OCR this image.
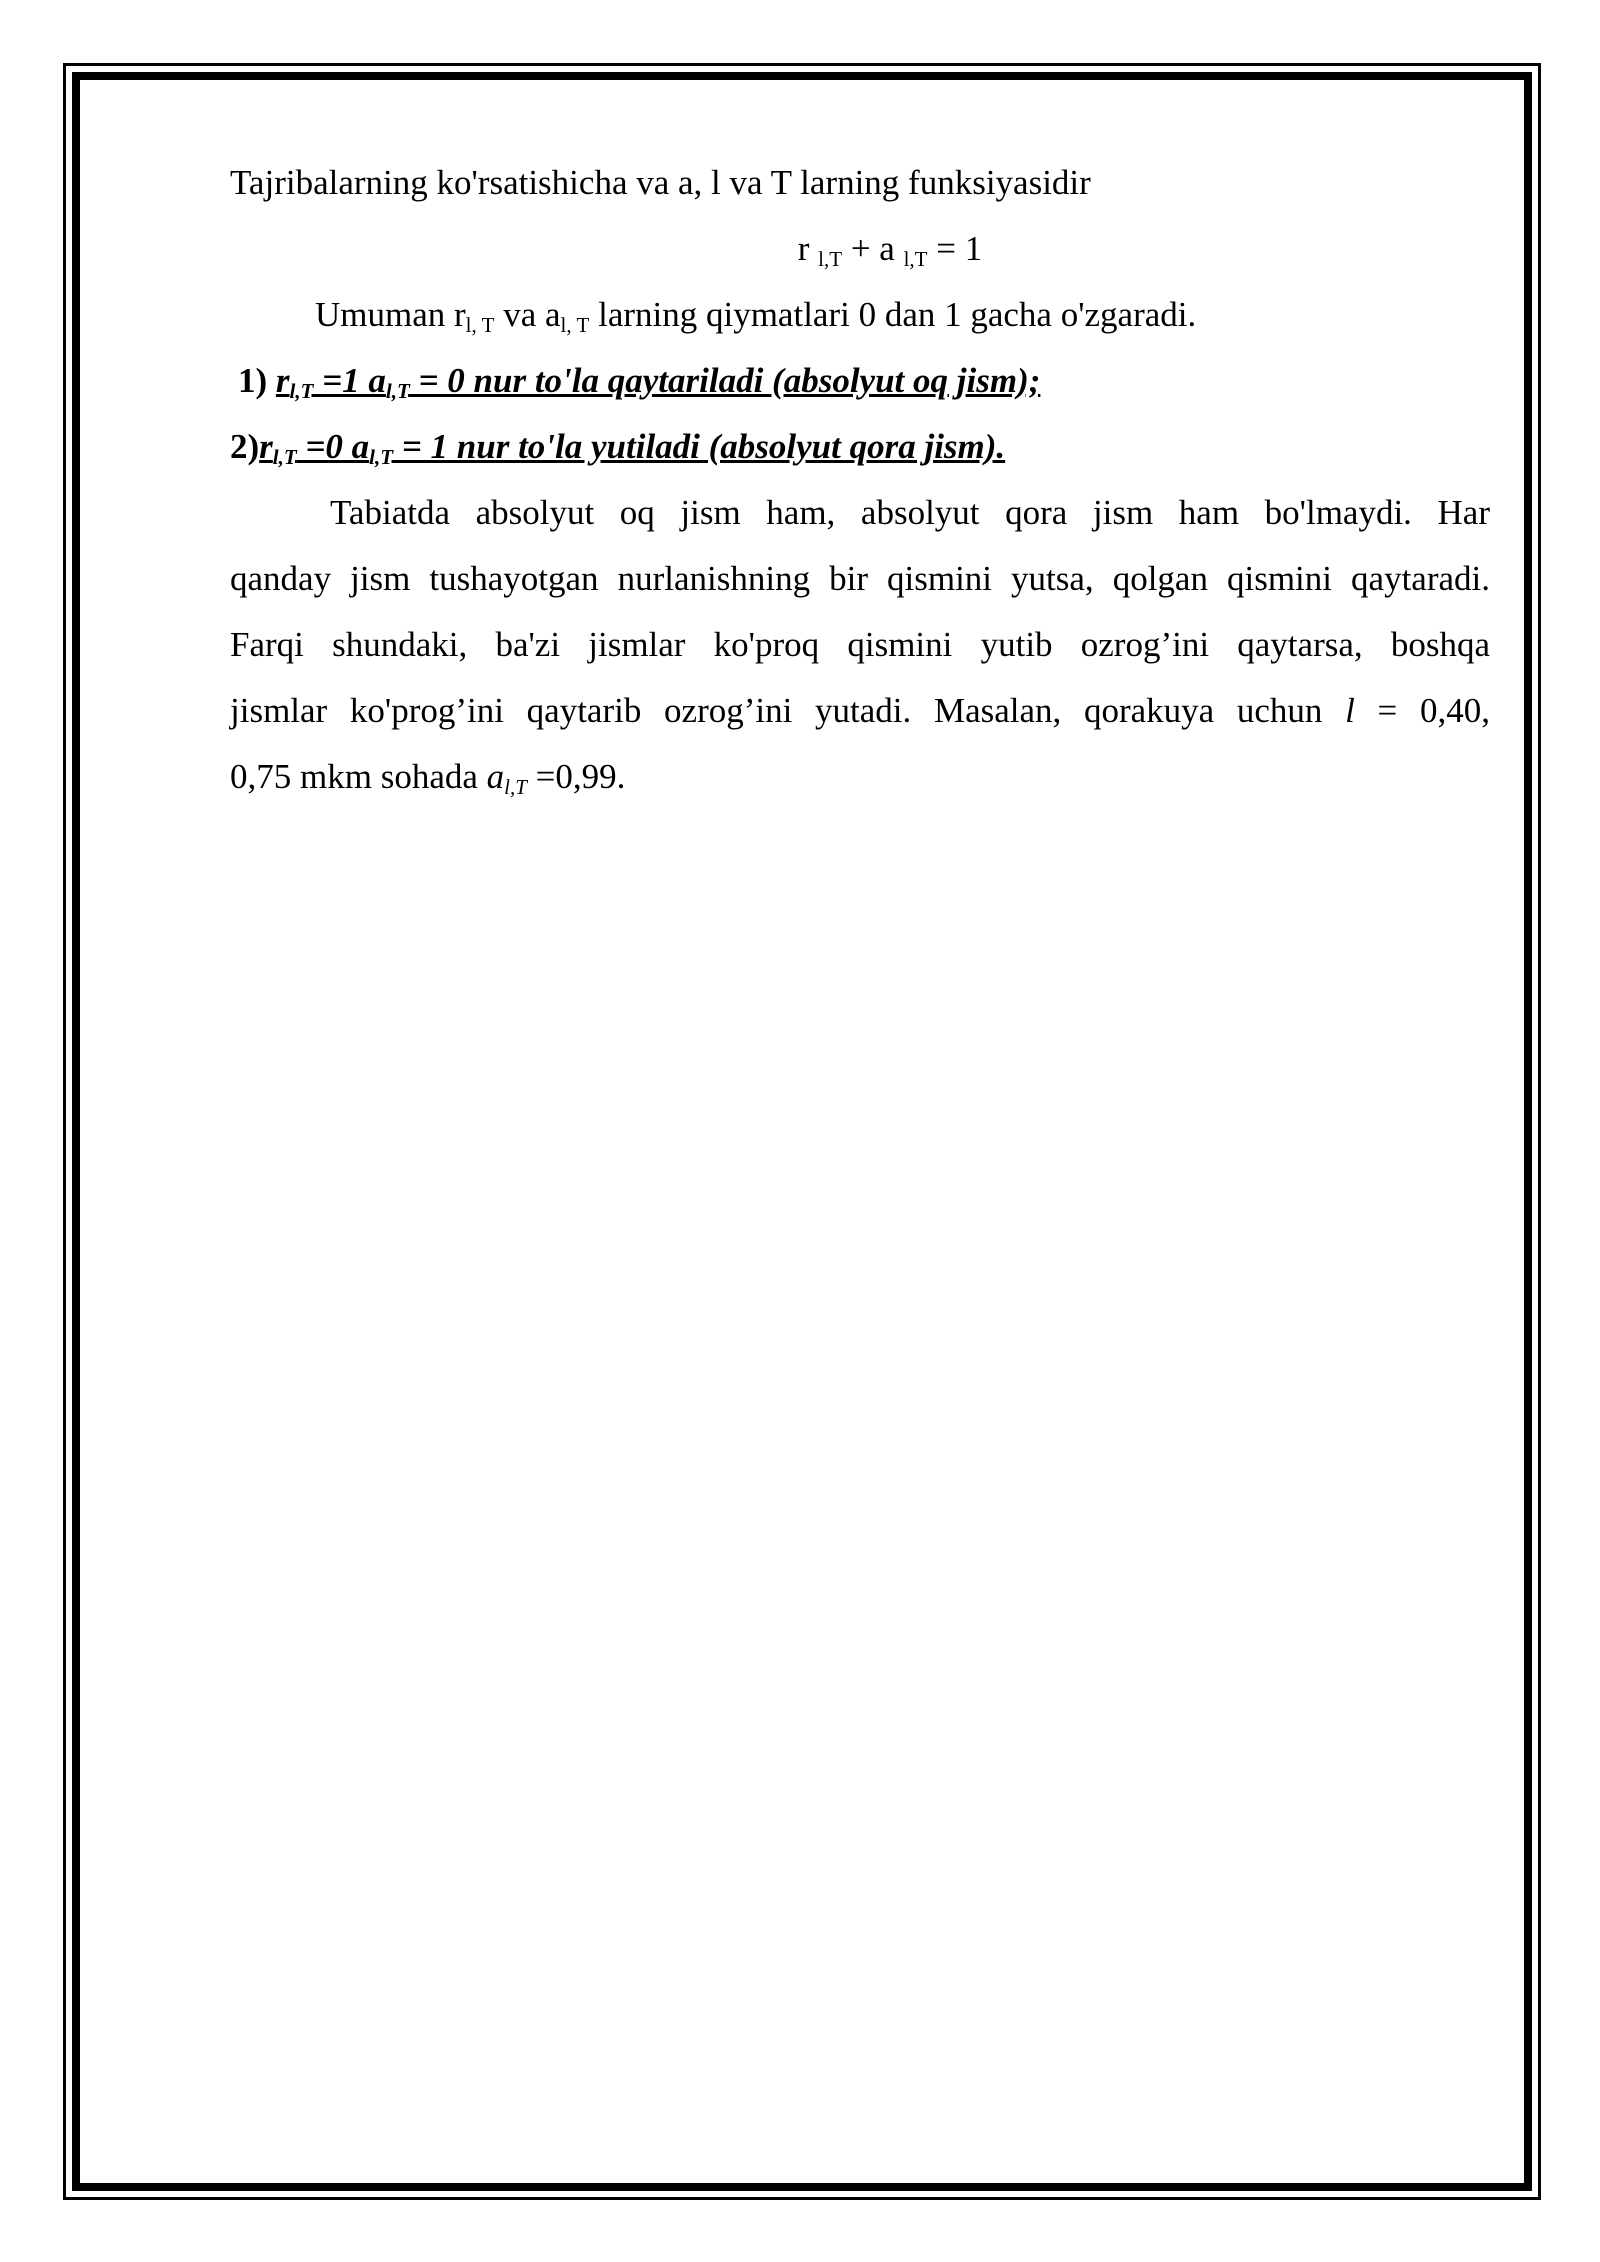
Tajribalarning ko'rsatishicha va a, l va T larning funksiyasidir
r $_{l,T}$ + a $_{l,T}$ = 1
Umuman $r_{l, T}$ va $a_{l, T}$ larning qiymatlari 0 dan 1 gacha o'zgaradi.
1) $r_{l,T} =1$ $a_{l,T} = 0$ nur to'la qaytariladi (absolyut oq jism);
$2)r_{l,T} =0$ $a_{l,T} = 1$ nur to'la yutiladi (absolyut qora jism).
Tabiatda absolyut oq jism ham, absolyut qora jism ham bo'lmaydi. Har
qanday jism tushayotgan nurlanishning bir qismini yutsa, qolgan qismini qaytaradi.
Farqi shundaki, ba'zi jismlar ko'proq qismini yutib ozrog’ini qaytarsa, boshqa
jismlar ko'prog’ini qaytarib ozrog’ini yutadi. Masalan, qorakuya uchun l = 0,40,
0,75 mkm sohada $a_{l,T} =0,99$.
